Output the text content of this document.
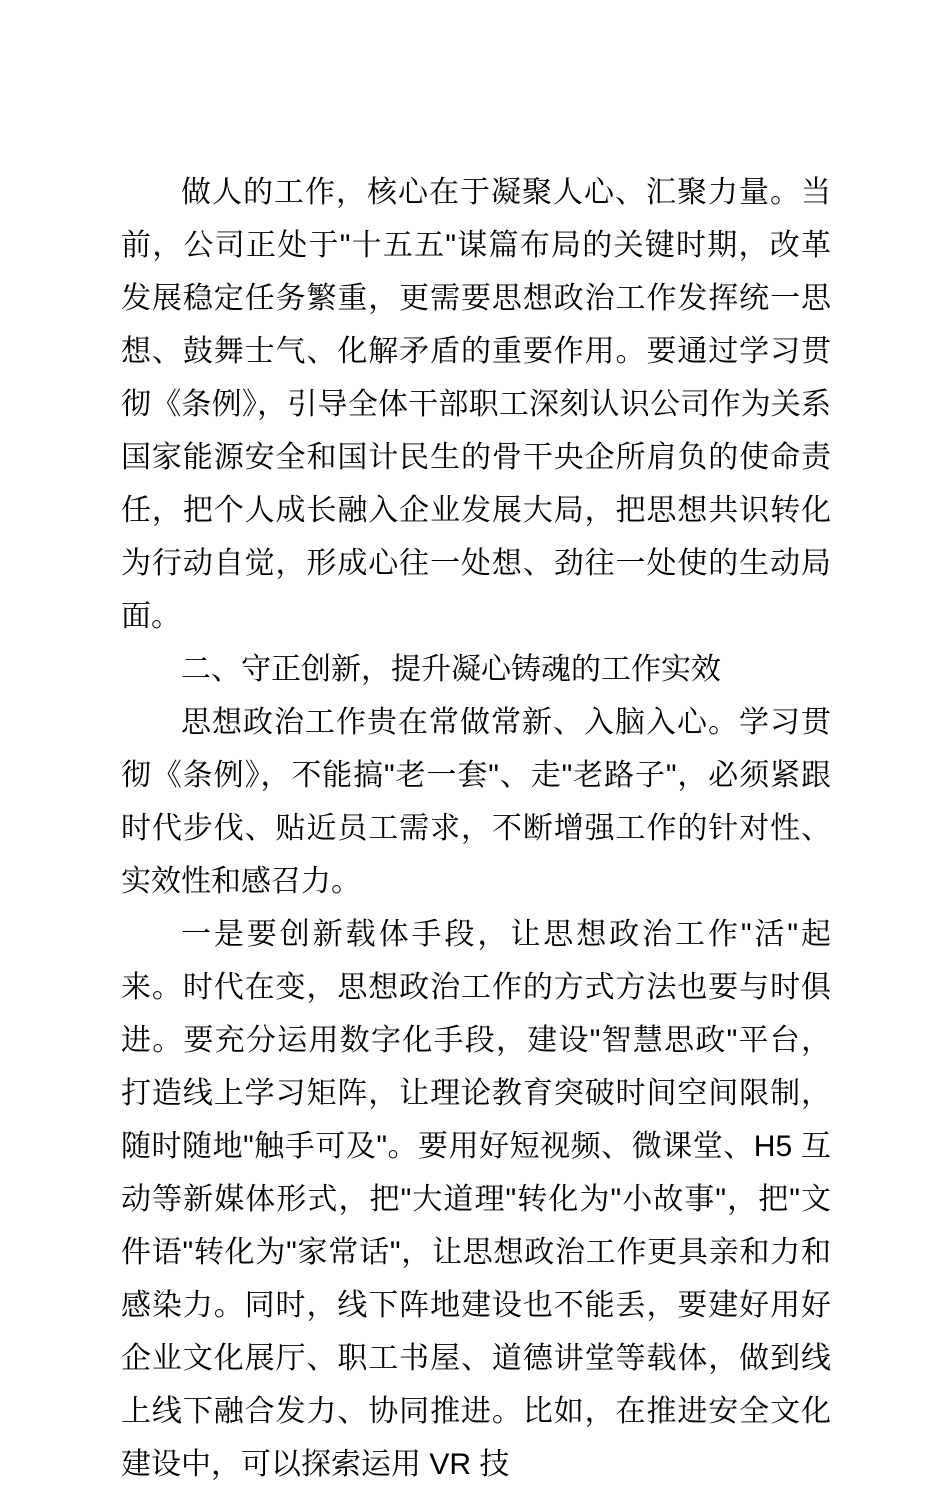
做人的工作，核心在于凝聚人心、汇聚力量。当前，公司正处于"十五五"谋篇布局的关键时期，改革发展稳定任务繁重，更需要思想政治工作发挥统一思想、鼓舞士气、化解矛盾的重要作用。要通过学习贯彻《条例》，引导全体干部职工深刻认识公司作为关系国家能源安全和国计民生的骨干央企所肩负的使命责任，把个人成长融入企业发展大局，把思想共识转化为行动自觉，形成心往一处想、劲往一处使的生动局面。

二、守正创新，提升凝心铸魂的工作实效

思想政治工作贵在常做常新、入脑入心。学习贯彻《条例》，不能搞"老一套"、走"老路子"，必须紧跟时代步伐、贴近员工需求，不断增强工作的针对性、实效性和感召力。

一是要创新载体手段，让思想政治工作"活"起来。时代在变，思想政治工作的方式方法也要与时俱进。要充分运用数字化手段，建设"智慧思政"平台，打造线上学习矩阵，让理论教育突破时间空间限制，随时随地"触手可及"。要用好短视频、微课堂、H5 互动等新媒体形式，把"大道理"转化为"小故事"，把"文件语"转化为"家常话"，让思想政治工作更具亲和力和感染力。同时，线下阵地建设也不能丢，要建好用好企业文化展厅、职工书屋、道德讲堂等载体，做到线上线下融合发力、协同推进。比如，在推进安全文化建设中，可以探索运用 VR 技
